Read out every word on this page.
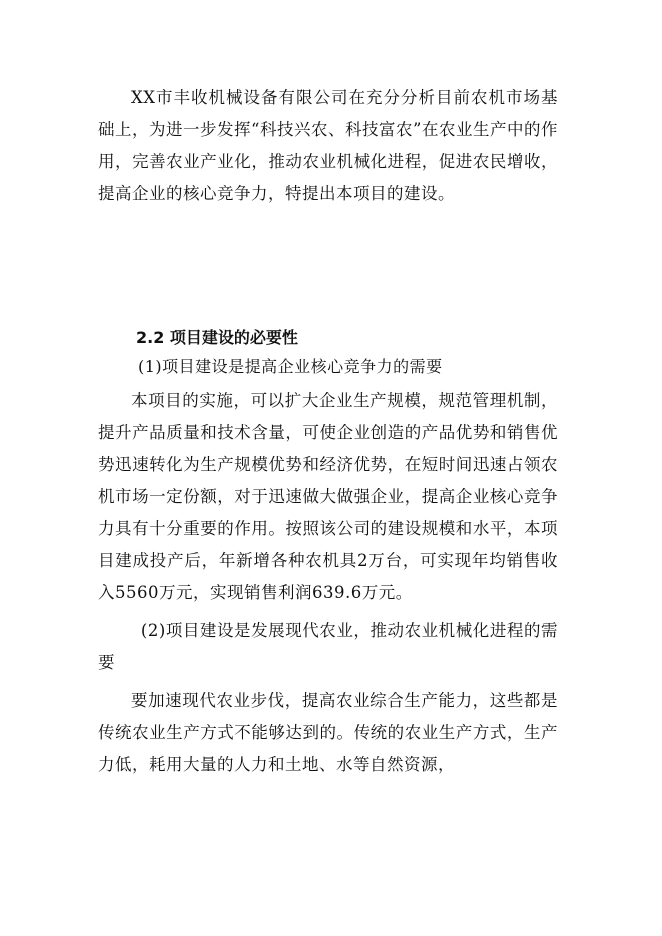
XX市丰收机械设备有限公司在充分分析目前农机市场基础上，为进一步发挥“科技兴农、科技富农”在农业生产中的作用，完善农业产业化，推动农业机械化进程，促进农民增收，提高企业的核心竞争力，特提出本项目的建设。

2.2 项目建设的必要性

(1)项目建设是提高企业核心竞争力的需要

本项目的实施，可以扩大企业生产规模，规范管理机制，提升产品质量和技术含量，可使企业创造的产品优势和销售优势迅速转化为生产规模优势和经济优势，在短时间迅速占领农机市场一定份额，对于迅速做大做强企业，提高企业核心竞争力具有十分重要的作用。按照该公司的建设规模和水平，本项目建成投产后，年新增各种农机具2万台，可实现年均销售收入5560万元，实现销售利润639.6万元。

(2)项目建设是发展现代农业，推动农业机械化进程的需要

要加速现代农业步伐，提高农业综合生产能力，这些都是传统农业生产方式不能够达到的。传统的农业生产方式，生产力低，耗用大量的人力和土地、水等自然资源，
